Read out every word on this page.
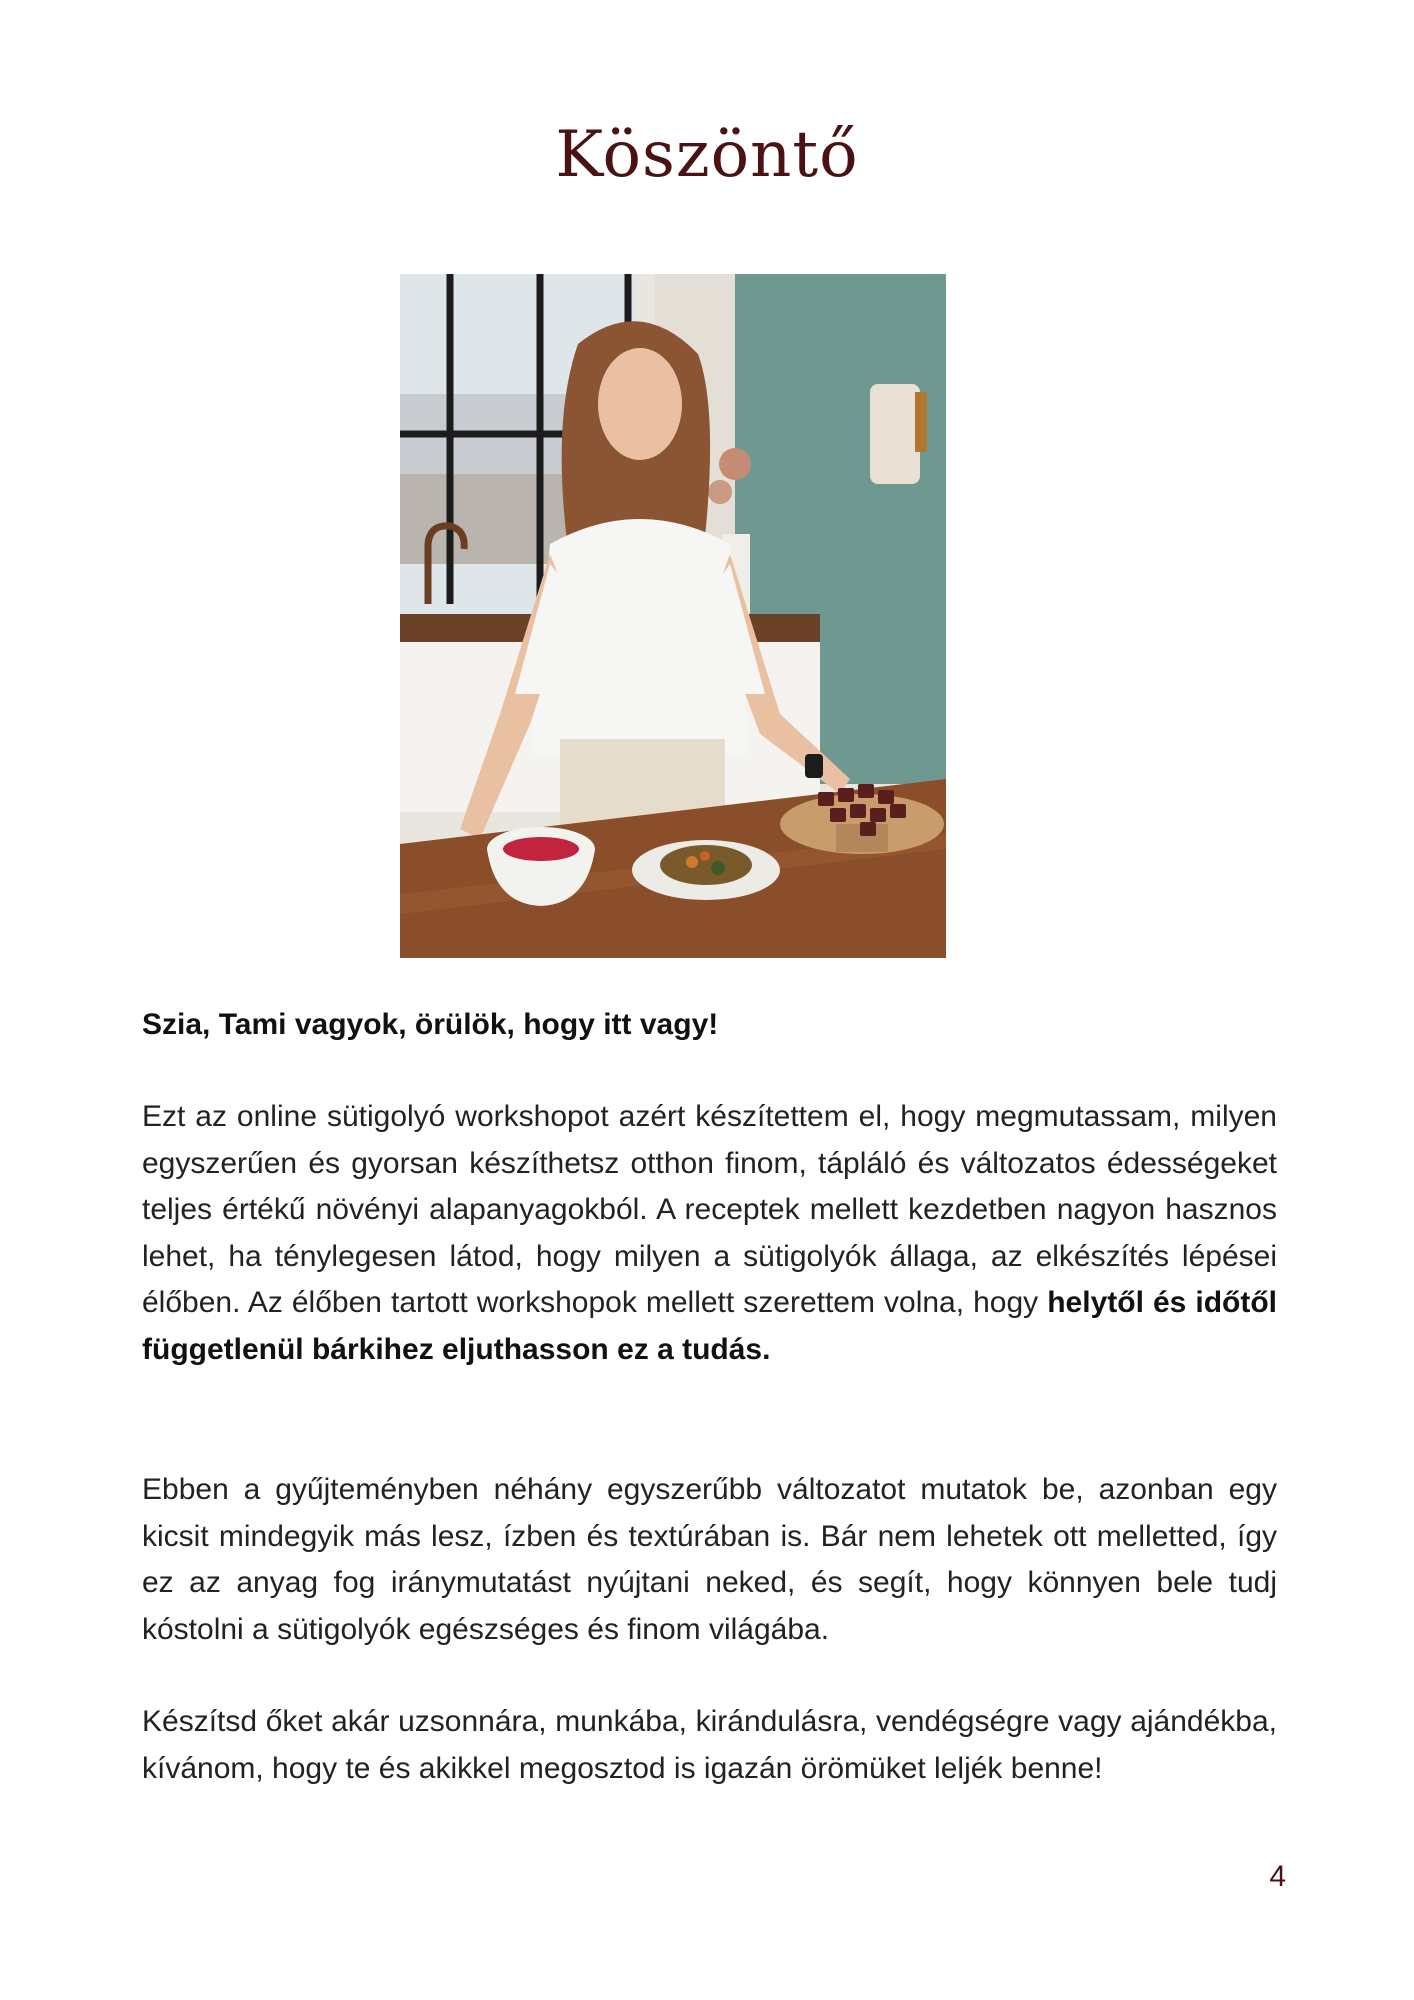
Köszöntő
Szia, Tami vagyok, örülök, hogy itt vagy!
Ezt az online sütigolyó workshopot azért készítettem el, hogy megmutassam, milyen egyszerűen és gyorsan készíthetsz otthon finom, tápláló és változatos édességeket teljes értékű növényi alapanyagokból. A receptek mellett kezdetben nagyon hasznos lehet, ha ténylegesen látod, hogy milyen a sütigolyók állaga, az elkészítés lépései élőben. Az élőben tartott workshopok mellett szerettem volna, hogy helytől és időtől függetlenül bárkihez eljuthasson ez a tudás.
Ebben a gyűjteményben néhány egyszerűbb változatot mutatok be, azonban egy kicsit mindegyik más lesz, ízben és textúrában is. Bár nem lehetek ott melletted, így ez az anyag fog iránymutatást nyújtani neked, és segít, hogy könnyen bele tudj kóstolni a sütigolyók egészséges és finom világába.
Készítsd őket akár uzsonnára, munkába, kirándulásra, vendégségre vagy ajándékba, kívánom, hogy te és akikkel megosztod is igazán örömüket leljék benne!
4
